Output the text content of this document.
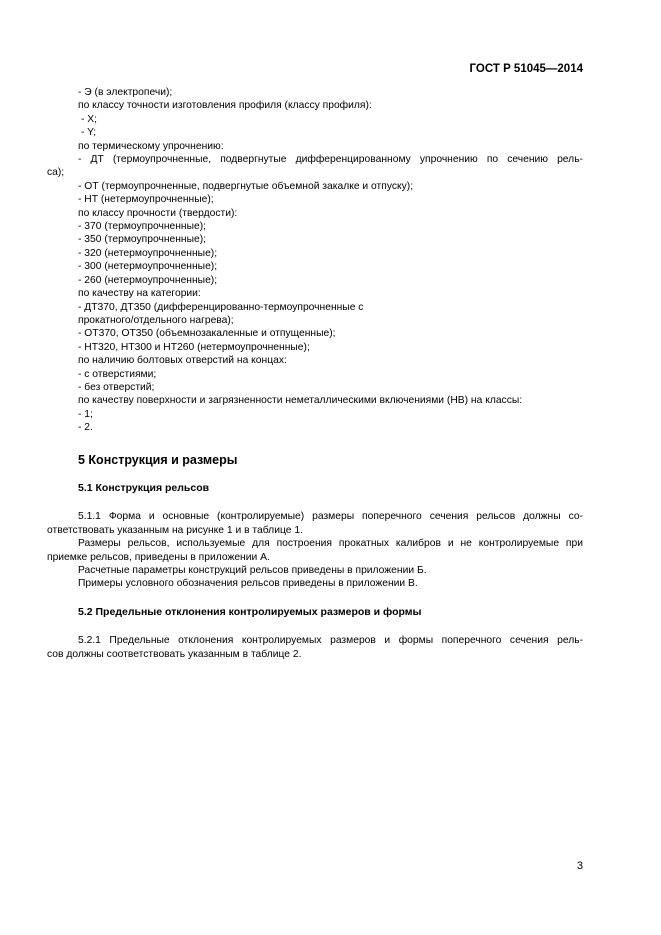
ГОСТ Р 51045—2014
- Э (в электропечи);
по классу точности изготовления профиля (классу профиля):
- X;
- Y;
по термическому упрочнению:
- ДТ (термоупрочненные, подвергнутые дифференцированному упрочнению по сечению рель-
са);
- ОТ (термоупрочненные, подвергнутые объемной закалке и отпуску);
- НТ (нетермоупрочненные);
по классу прочности (твердости):
- 370 (термоупрочненные);
- 350 (термоупрочненные);
- 320 (нетермоупрочненные);
- 300 (нетермоупрочненные);
- 260 (нетермоупрочненные);
по качеству на категории:
- ДТ370, ДТ350 (дифференцированно-термоупрочненные с
прокатного/отдельного нагрева);
- ОТ370, ОТ350 (объемнозакаленные и отпущенные);
- НТ320, НТ300 и НТ260 (нетермоупрочненные);
по наличию болтовых отверстий на концах:
- с отверстиями;
- без отверстий;
по качеству поверхности и загрязненности неметаллическими включениями (НВ) на классы:
- 1;
- 2.
5 Конструкция и размеры
5.1 Конструкция рельсов
5.1.1 Форма и основные (контролируемые) размеры поперечного сечения рельсов должны со-
ответствовать указанным на рисунке 1 и в таблице 1.
Размеры рельсов, используемые для построения прокатных калибров и не контролируемые при
приемке рельсов, приведены в приложении А.
Расчетные параметры конструкций рельсов приведены в приложении Б.
Примеры условного обозначения рельсов приведены в приложении В.
5.2 Предельные отклонения контролируемых размеров и формы
5.2.1 Предельные отклонения контролируемых размеров и формы поперечного сечения рель-
сов должны соответствовать указанным в таблице 2.
3
